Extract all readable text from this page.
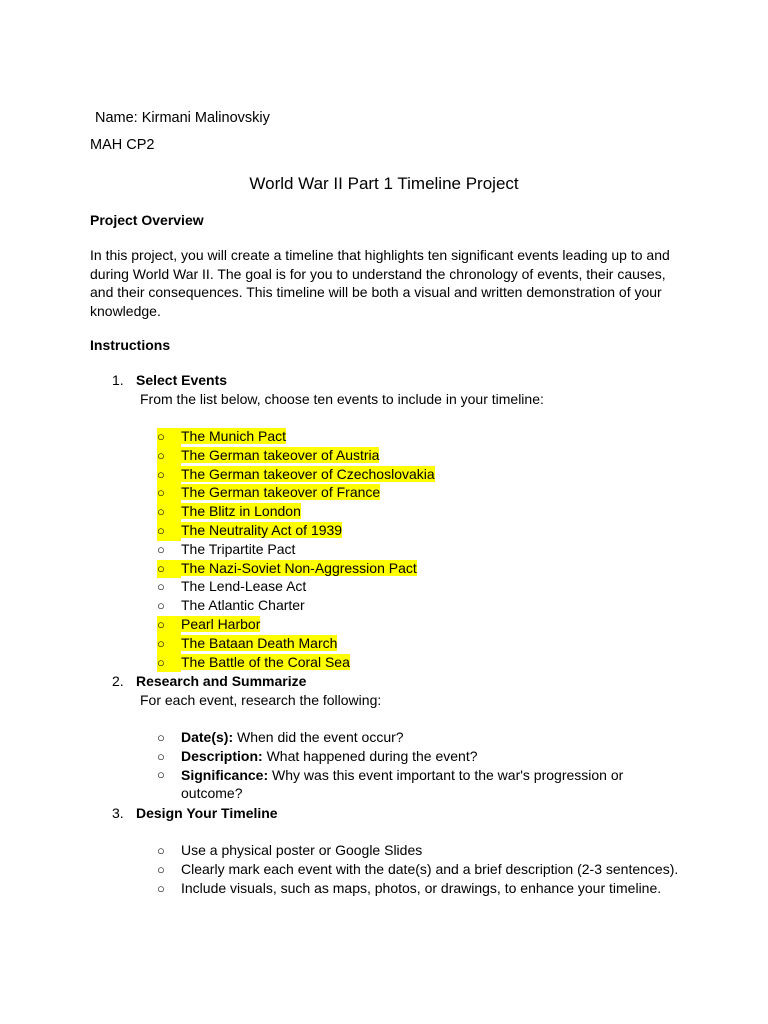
Name: Kirmani Malinovskiy
MAH CP2
World War II Part 1 Timeline Project
Project Overview
In this project, you will create a timeline that highlights ten significant events leading up to and during World War II. The goal is for you to understand the chronology of events, their causes, and their consequences. This timeline will be both a visual and written demonstration of your knowledge.
Instructions
1. Select Events
From the list below, choose ten events to include in your timeline:
○ The Munich Pact
○ The German takeover of Austria
○ The German takeover of Czechoslovakia
○ The German takeover of France
○ The Blitz in London
○ The Neutrality Act of 1939
○ The Tripartite Pact
○ The Nazi-Soviet Non-Aggression Pact
○ The Lend-Lease Act
○ The Atlantic Charter
○ Pearl Harbor
○ The Bataan Death March
○ The Battle of the Coral Sea
2. Research and Summarize
For each event, research the following:
○ Date(s): When did the event occur?
○ Description: What happened during the event?
○	Significance: Why was this event important to the war's progression or outcome?
3. Design Your Timeline
○ Use a physical poster or Google Slides
○ Clearly mark each event with the date(s) and a brief description (2-3 sentences).
○ Include visuals, such as maps, photos, or drawings, to enhance your timeline.
